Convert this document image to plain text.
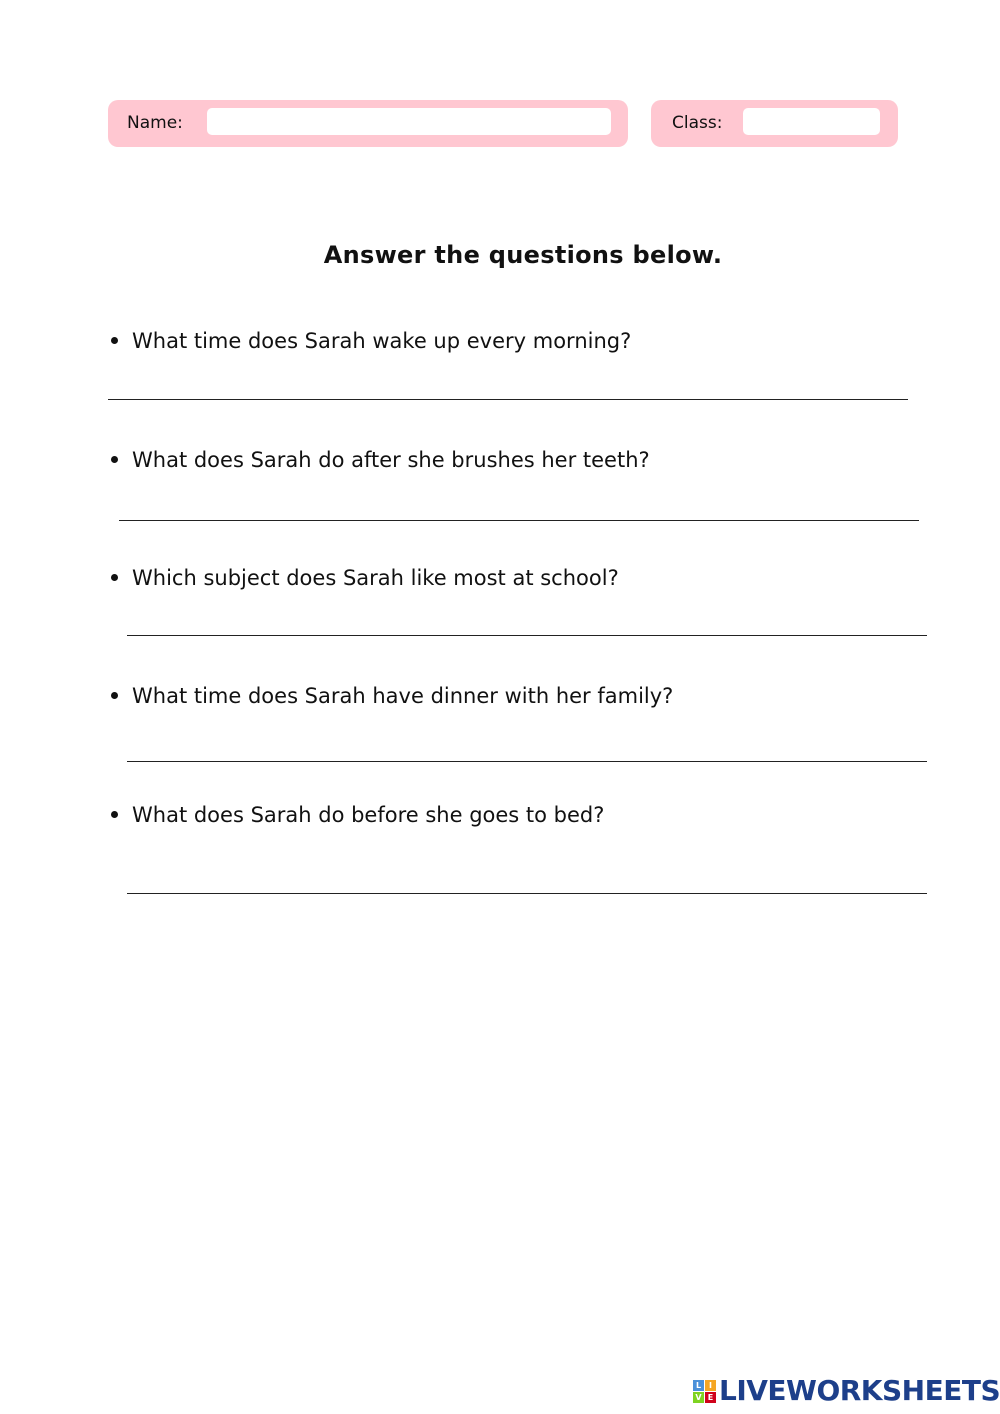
Name:	Class:
Answer the questions below.
What time does Sarah wake up every morning?
What does Sarah do after she brushes her teeth?
Which subject does Sarah like most at school?
What time does Sarah have dinner with her family?
What does Sarah do before she goes to bed?
L I
V E LIVEWORKSHEETS
